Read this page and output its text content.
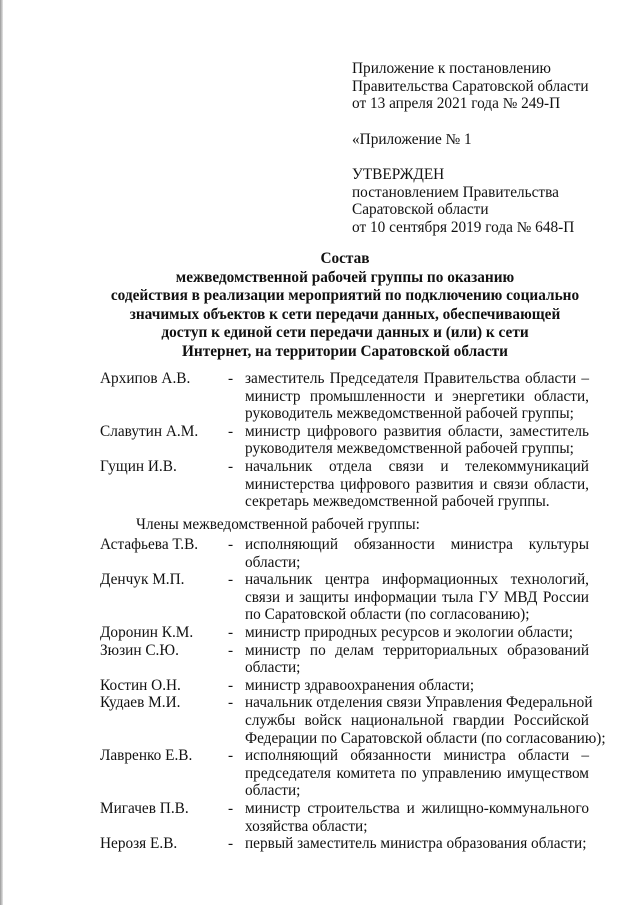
Приложение к постановлению
Правительства Саратовской области
от 13 апреля 2021 года № 249-П
«Приложение № 1
УТВЕРЖДЕН
постановлением Правительства
Саратовской области
от 10 сентября 2019 года № 648-П
Состав
межведомственной рабочей группы по оказанию
содействия в реализации мероприятий по подключению социально
значимых объектов к сети передачи данных, обеспечивающей
доступ к единой сети передачи данных и (или) к сети
Интернет, на территории Саратовской области
Архипов А.В.	- заместитель Председателя Правительства области –
министр промышленности и энергетики области,
руководитель межведомственной рабочей группы;
Славутин А.М.	- министр цифрового развития области, заместитель
руководителя межведомственной рабочей группы;
Гущин И.В.	- начальник отдела связи и телекоммуникаций
министерства цифрового развития и связи области,
секретарь межведомственной рабочей группы.
Члены межведомственной рабочей группы:
Астафьева Т.В.	- исполняющий обязанности министра культуры
области;
Денчук М.П.	- начальник центра информационных технологий,
связи и защиты информации тыла ГУ МВД России
по Саратовской области (по согласованию);
Доронин К.М.	- министр природных ресурсов и экологии области;
Зюзин С.Ю.	- министр по делам территориальных образований
области;
Костин О.Н.	- министр здравоохранения области;
Кудаев М.И.	- начальник отделения связи Управления Федеральной
службы войск национальной гвардии Российской
Федерации по Саратовской области (по согласованию);
Лавренко Е.В.	- исполняющий обязанности министра области –
председателя комитета по управлению имуществом
области;
Мигачев П.В.	- министр строительства и жилищно-коммунального
хозяйства области;
Нерозя Е.В.	- первый заместитель министра образования области;
